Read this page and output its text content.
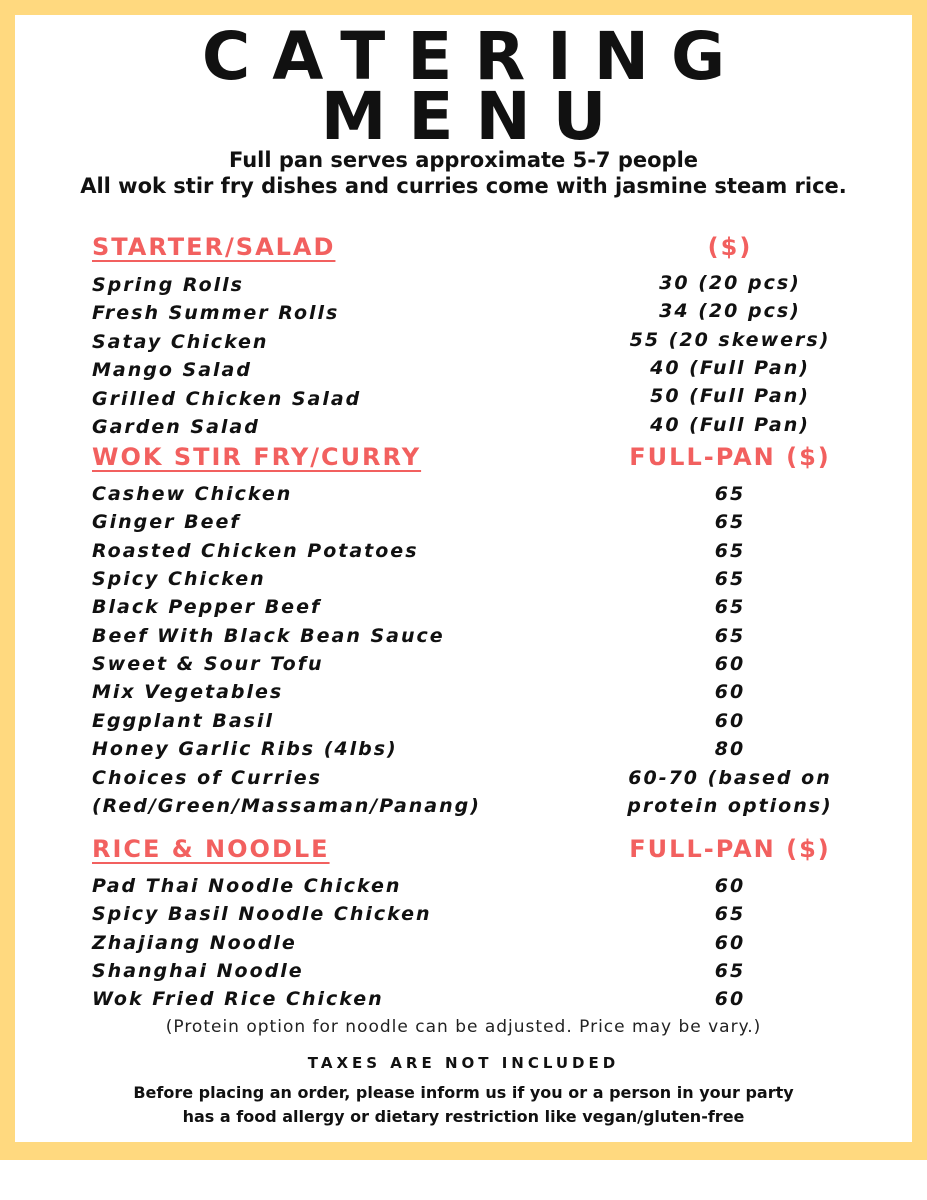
CATERING
MENU
Full pan serves approximate 5-7 people
All wok stir fry dishes and curries come with jasmine steam rice.
STARTER/SALAD	($)
Spring Rolls	30 (20 pcs)
Fresh Summer Rolls	34 (20 pcs)
Satay Chicken	55 (20 skewers)
Mango Salad	40 (Full Pan)
Grilled Chicken Salad	50 (Full Pan)
Garden Salad	40 (Full Pan)
WOK STIR FRY/CURRY	FULL-PAN ($)
Cashew Chicken	65
Ginger Beef	65
Roasted Chicken Potatoes	65
Spicy Chicken	65
Black Pepper Beef	65
Beef With Black Bean Sauce	65
Sweet & Sour Tofu	60
Mix Vegetables	60
Eggplant Basil	60
Honey Garlic Ribs (4lbs)	80
Choices of Curries	60-70 (based on
(Red/Green/Massaman/Panang)	protein options)
RICE & NOODLE	FULL-PAN ($)
Pad Thai Noodle Chicken	60
Spicy Basil Noodle Chicken	65
Zhajiang Noodle	60
Shanghai Noodle	65
Wok Fried Rice Chicken	60
(Protein option for noodle can be adjusted. Price may be vary.)
TAXES ARE NOT INCLUDED
Before placing an order, please inform us if you or a person in your party
has a food allergy or dietary restriction like vegan/gluten-free
